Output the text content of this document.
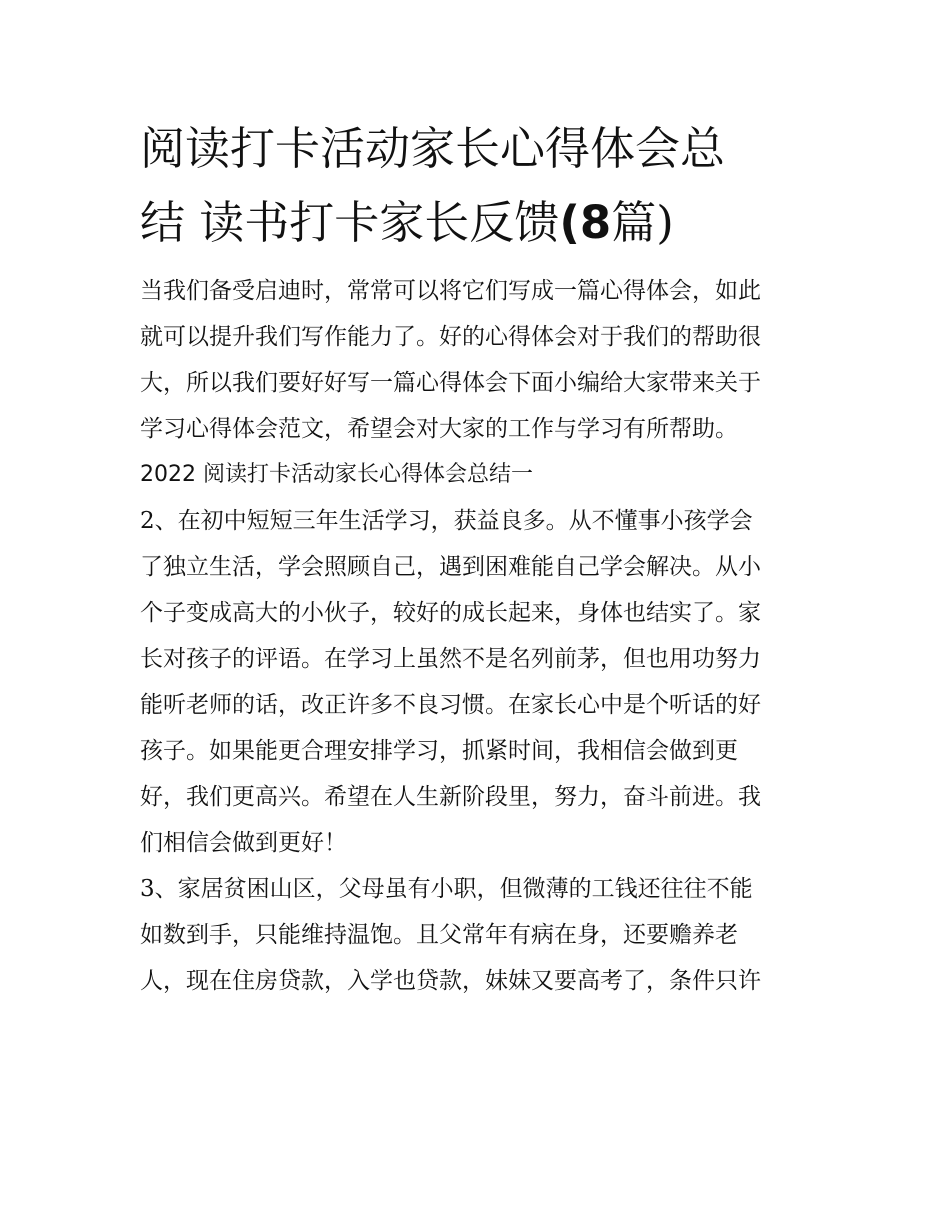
阅读打卡活动家长心得体会总
结 读书打卡家长反馈(8篇)

当我们备受启迪时，常常可以将它们写成一篇心得体会，如此
就可以提升我们写作能力了。好的心得体会对于我们的帮助很
大，所以我们要好好写一篇心得体会下面小编给大家带来关于
学习心得体会范文，希望会对大家的工作与学习有所帮助。

2022 阅读打卡活动家长心得体会总结一

2、在初中短短三年生活学习，获益良多。从不懂事小孩学会
了独立生活，学会照顾自己，遇到困难能自己学会解决。从小
个子变成高大的小伙子，较好的成长起来，身体也结实了。家
长对孩子的评语。在学习上虽然不是名列前茅，但也用功努力
能听老师的话，改正许多不良习惯。在家长心中是个听话的好
孩子。如果能更合理安排学习，抓紧时间，我相信会做到更
好，我们更高兴。希望在人生新阶段里，努力，奋斗前进。我
们相信会做到更好！

3、家居贫困山区，父母虽有小职，但微薄的工钱还往往不能
如数到手，只能维持温饱。且父常年有病在身，还要赡养老
人，现在住房贷款，入学也贷款，妹妹又要高考了，条件只许
